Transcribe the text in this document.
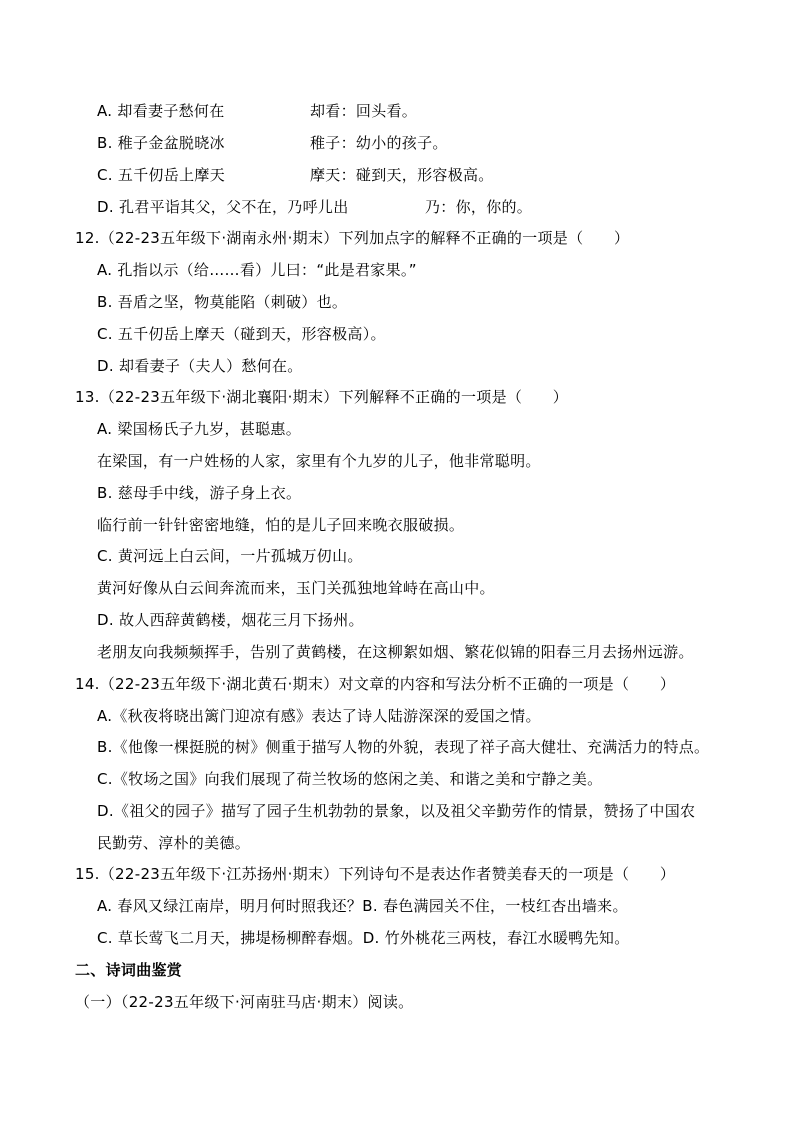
A. 却看妻子愁何在	却看：回头看。
B. 稚子金盆脱晓冰	稚子：幼小的孩子。
C. 五千仞岳上摩天	摩天：碰到天，形容极高。
D. 孔君平诣其父，父不在，乃呼儿出	乃：你，你的。
12.（22-23五年级下·湖南永州·期末）下列加点字的解释不正确的一项是（　　）
A. 孔指以示（给……看）儿曰：“此是君家果。”
B. 吾盾之坚，物莫能陷（刺破）也。
C. 五千仞岳上摩天（碰到天，形容极高）。
D. 却看妻子（夫人）愁何在。
13.（22-23五年级下·湖北襄阳·期末）下列解释不正确的一项是（　　）
A. 梁国杨氏子九岁，甚聪惠。
在梁国，有一户姓杨的人家，家里有个九岁的儿子，他非常聪明。
B. 慈母手中线，游子身上衣。
临行前一针针密密地缝，怕的是儿子回来晚衣服破损。
C. 黄河远上白云间，一片孤城万仞山。
黄河好像从白云间奔流而来，玉门关孤独地耸峙在高山中。
D. 故人西辞黄鹤楼，烟花三月下扬州。
老朋友向我频频挥手，告别了黄鹤楼，在这柳絮如烟、繁花似锦的阳春三月去扬州远游。
14.（22-23五年级下·湖北黄石·期末）对文章的内容和写法分析不正确的一项是（　　）
A.《秋夜将晓出篱门迎凉有感》表达了诗人陆游深深的爱国之情。
B.《他像一棵挺脱的树》侧重于描写人物的外貌，表现了祥子高大健壮、充满活力的特点。
C.《牧场之国》向我们展现了荷兰牧场的悠闲之美、和谐之美和宁静之美。
D.《祖父的园子》描写了园子生机勃勃的景象，以及祖父辛勤劳作的情景，赞扬了中国农
民勤劳、淳朴的美德。
15.（22-23五年级下·江苏扬州·期末）下列诗句不是表达作者赞美春天的一项是（　　）
A. 春风又绿江南岸，明月何时照我还？B. 春色满园关不住，一枝红杏出墙来。
C. 草长莺飞二月天，拂堤杨柳醉春烟。D. 竹外桃花三两枝，春江水暖鸭先知。
二、诗词曲鉴赏
（一）（22-23五年级下·河南驻马店·期末）阅读。
